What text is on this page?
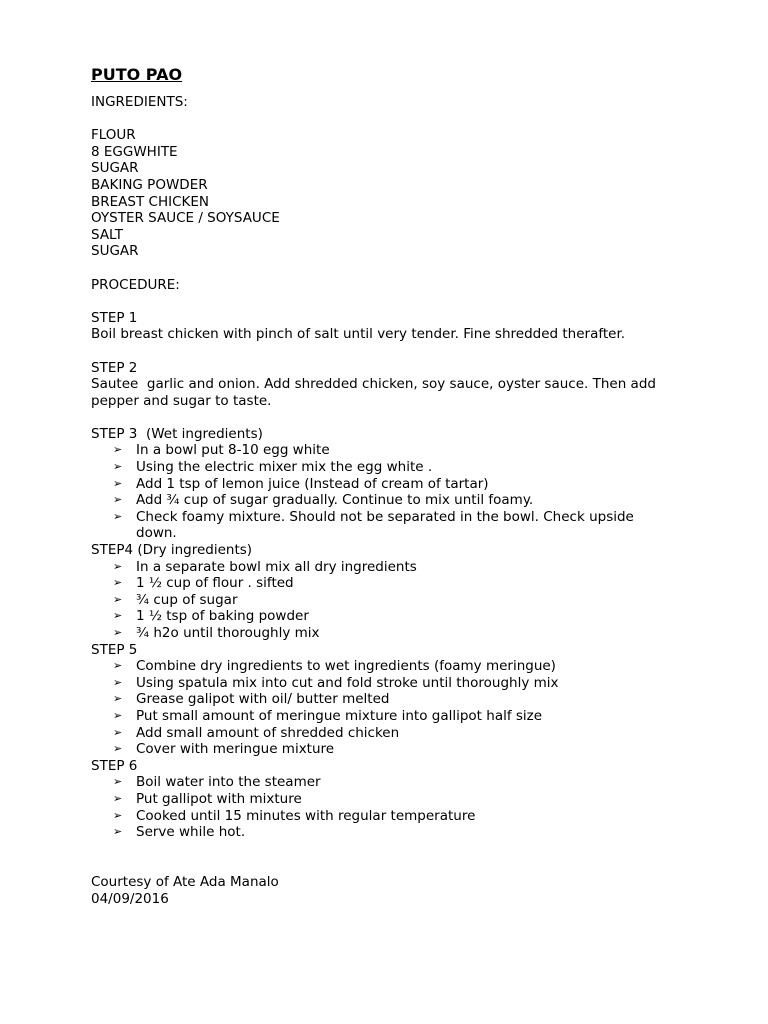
PUTO PAO

INGREDIENTS:

FLOUR

8 EGGWHITE

SUGAR

BAKING POWDER

BREAST CHICKEN

OYSTER SAUCE / SOYSAUCE

SALT

SUGAR

PROCEDURE:

STEP 1

Boil breast chicken with pinch of salt until very tender. Fine shredded therafter.

STEP 2

Sautee  garlic and onion. Add shredded chicken, soy sauce, oyster sauce. Then add pepper and sugar to taste.

STEP 3  (Wet ingredients)

➢ In a bowl put 8-10 egg white
➢ Using the electric mixer mix the egg white .
➢ Add 1 tsp of lemon juice (Instead of cream of tartar)
➢ Add ¾ cup of sugar gradually. Continue to mix until foamy.
➢ Check foamy mixture. Should not be separated in the bowl. Check upside down.

STEP4 (Dry ingredients)

➢ In a separate bowl mix all dry ingredients
➢ 1 ½ cup of flour . sifted
➢ ¾ cup of sugar
➢ 1 ½ tsp of baking powder
➢ ¾ h2o until thoroughly mix

STEP 5

➢ Combine dry ingredients to wet ingredients (foamy meringue)
➢ Using spatula mix into cut and fold stroke until thoroughly mix
➢ Grease galipot with oil/ butter melted
➢ Put small amount of meringue mixture into gallipot half size
➢ Add small amount of shredded chicken
➢ Cover with meringue mixture

STEP 6

➢ Boil water into the steamer
➢ Put gallipot with mixture
➢ Cooked until 15 minutes with regular temperature
➢ Serve while hot.

Courtesy of Ate Ada Manalo

04/09/2016
